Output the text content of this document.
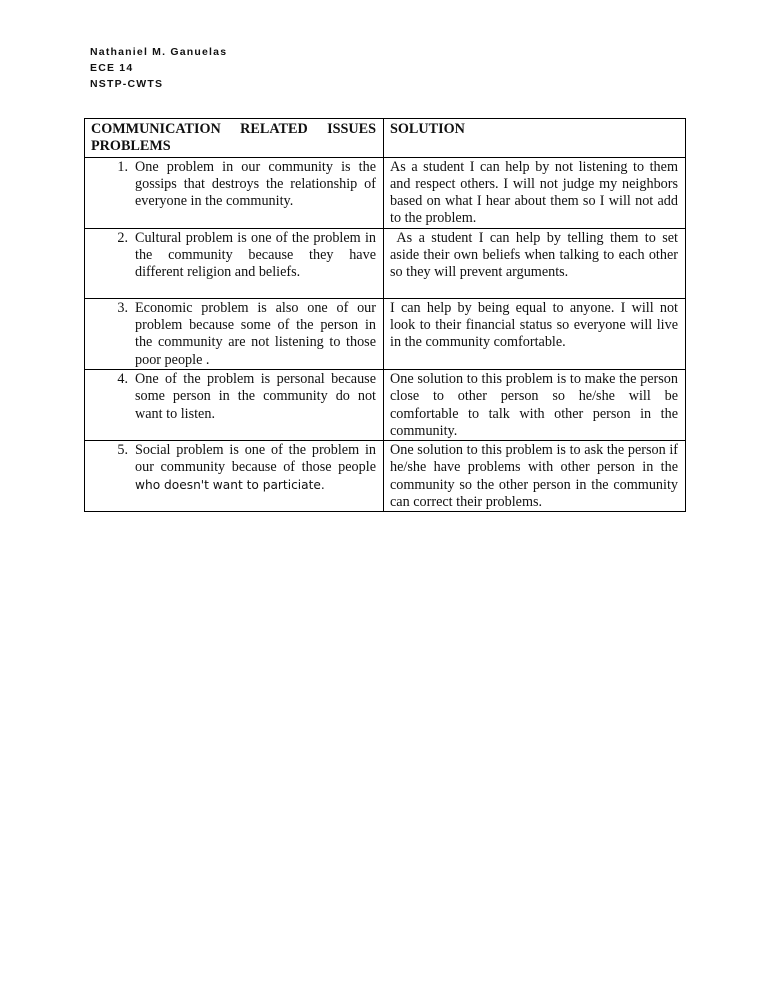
Nathaniel M. Ganuelas
ECE 14
NSTP-CWTS
COMMUNICATION RELATED ISSUES PROBLEMS	SOLUTION

1. One problem in our community is the gossips that destroys the relationship of everyone in the community.	As a student I can help by not listening to them and respect others. I will not judge my neighbors based on what I hear about them so I will not add to the problem.

2. Cultural problem is one of the problem in the community because they have different religion and beliefs.	As a student I can help by telling them to set aside their own beliefs when talking to each other so they will prevent arguments.

3. Economic problem is also one of our problem because some of the person in the community are not listening to those poor people .	I can help by being equal to anyone. I will not look to their financial status so everyone will live in the community comfortable.

4. One of the problem is personal because some person in the community do not want to listen.	One solution to this problem is to make the person close to other person so he/she will be comfortable to talk with other person in the community.

5. Social problem is one of the problem in our community because of those people who doesn't want to particiate.	One solution to this problem is to ask the person if he/she have problems with other person in the community so the other person in the community can correct their problems.
